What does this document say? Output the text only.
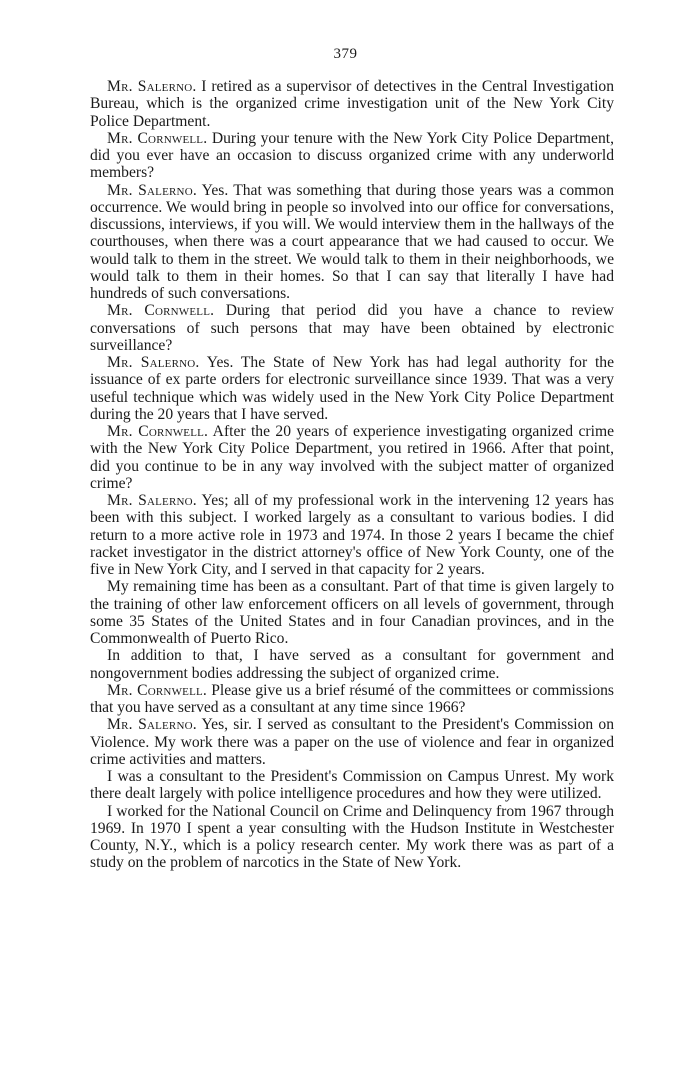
379

Mr. Salerno. I retired as a supervisor of detectives in the Central Investigation Bureau, which is the organized crime investigation unit of the New York City Police Department.

Mr. Cornwell. During your tenure with the New York City Police Department, did you ever have an occasion to discuss organized crime with any underworld members?

Mr. Salerno. Yes. That was something that during those years was a common occurrence. We would bring in people so involved into our office for conversations, discussions, interviews, if you will. We would interview them in the hallways of the courthouses, when there was a court appearance that we had caused to occur. We would talk to them in the street. We would talk to them in their neighborhoods, we would talk to them in their homes. So that I can say that literally I have had hundreds of such conversations.

Mr. Cornwell. During that period did you have a chance to review conversations of such persons that may have been obtained by electronic surveillance?

Mr. Salerno. Yes. The State of New York has had legal authority for the issuance of ex parte orders for electronic surveillance since 1939. That was a very useful technique which was widely used in the New York City Police Department during the 20 years that I have served.

Mr. Cornwell. After the 20 years of experience investigating organized crime with the New York City Police Department, you retired in 1966. After that point, did you continue to be in any way involved with the subject matter of organized crime?

Mr. Salerno. Yes; all of my professional work in the intervening 12 years has been with this subject. I worked largely as a consultant to various bodies. I did return to a more active role in 1973 and 1974. In those 2 years I became the chief racket investigator in the district attorney's office of New York County, one of the five in New York City, and I served in that capacity for 2 years.

My remaining time has been as a consultant. Part of that time is given largely to the training of other law enforcement officers on all levels of government, through some 35 States of the United States and in four Canadian provinces, and in the Commonwealth of Puerto Rico.

In addition to that, I have served as a consultant for government and nongovernment bodies addressing the subject of organized crime.

Mr. Cornwell. Please give us a brief résumé of the committees or commissions that you have served as a consultant at any time since 1966?

Mr. Salerno. Yes, sir. I served as consultant to the President's Commission on Violence. My work there was a paper on the use of violence and fear in organized crime activities and matters.

I was a consultant to the President's Commission on Campus Unrest. My work there dealt largely with police intelligence procedures and how they were utilized.

I worked for the National Council on Crime and Delinquency from 1967 through 1969. In 1970 I spent a year consulting with the Hudson Institute in Westchester County, N.Y., which is a policy research center. My work there was as part of a study on the problem of narcotics in the State of New York.
